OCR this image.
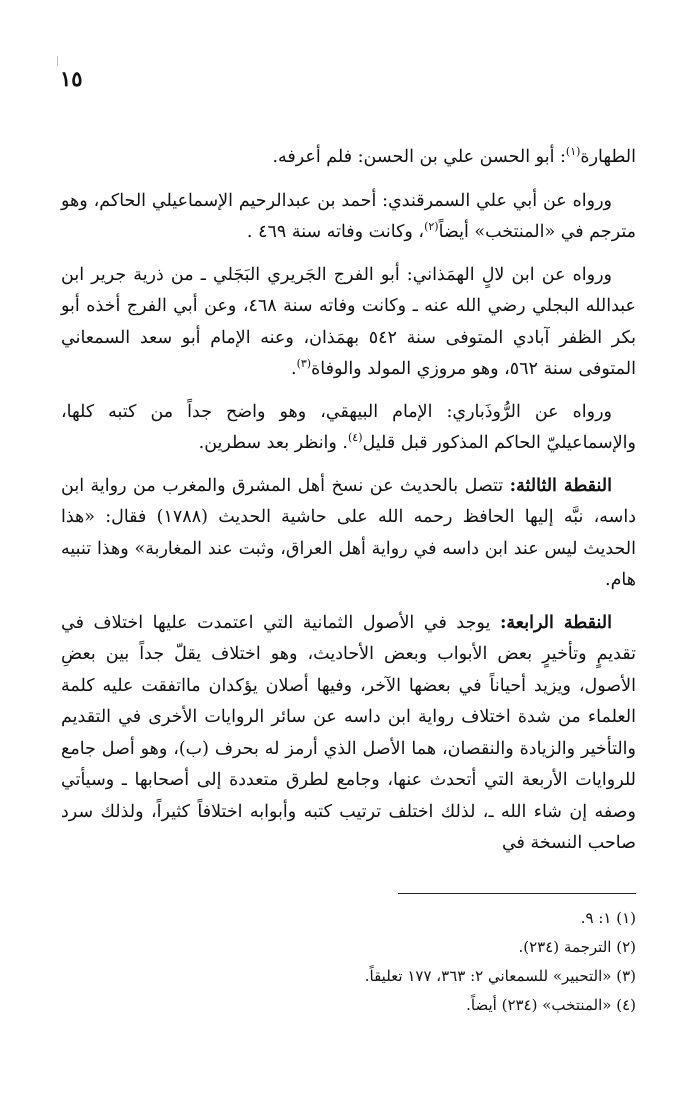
١٥

الطهارة$^{(١)}$: أبو الحسن علي بن الحسن: فلم أعرفه.

ورواه عن أبي علي السمرقندي: أحمد بن عبدالرحيم الإسماعيلي الحاكم، وهو مترجم في «المنتخب» أيضاً$^{(٢)}$، وكانت وفاته سنة ٤٦٩ .

ورواه عن ابن لالٍ الهمَذاني: أبو الفرج الجَريري البَجَلي ـ من ذرية جرير ابن عبدالله البجلي رضي الله عنه ـ وكانت وفاته سنة ٤٦٨، وعن أبي الفرج أخذه أبو بكر الظفر آبادي المتوفى سنة ٥٤٢ بهمَذان، وعنه الإمام أبو سعد السمعاني المتوفى سنة ٥٦٢، وهو مروزي المولد والوفاة$^{(٣)}$.

ورواه عن الرُّوذَباري: الإمام البيهقي، وهو واضح جداً من كتبه كلها، والإسماعيليّ الحاكم المذكور قبل قليل$^{(٤)}$. وانظر بعد سطرين.

النقطة الثالثة: تتصل بالحديث عن نسخ أهل المشرق والمغرب من رواية ابن داسه، نبَّه إليها الحافظ رحمه الله على حاشية الحديث (١٧٨٨) فقال: «هذا الحديث ليس عند ابن داسه في رواية أهل العراق، وثبت عند المغاربة» وهذا تنبيه هام.

النقطة الرابعة: يوجد في الأصول الثمانية التي اعتمدت عليها اختلاف في تقديمٍ وتأخيرٍ بعض الأبواب وبعض الأحاديث، وهو اختلاف يقلّ جداً بين بعضِ الأصول، ويزيد أحياناً في بعضها الآخر، وفيها أصلان يؤكدان مااتفقت عليه كلمة العلماء من شدة اختلاف رواية ابن داسه عن سائر الروايات الأخرى في التقديم والتأخير والزيادة والنقصان، هما الأصل الذي أرمز له بحرف (ب)، وهو أصل جامع للروايات الأربعة التي أتحدث عنها، وجامع لطرق متعددة إلى أصحابها ـ وسيأتي وصفه إن شاء الله ـ، لذلك اختلف ترتيب كتبه وأبوابه اختلافاً كثيراً، ولذلك سرد صاحب النسخة في

(١) ١: ٩.

(٢) الترجمة (٢٣٤).

(٣) «التحبير» للسمعاني ٢: ٣٦٣، ١٧٧ تعليقاً.

(٤) «المنتخب» (٢٣٤) أيضاً.
